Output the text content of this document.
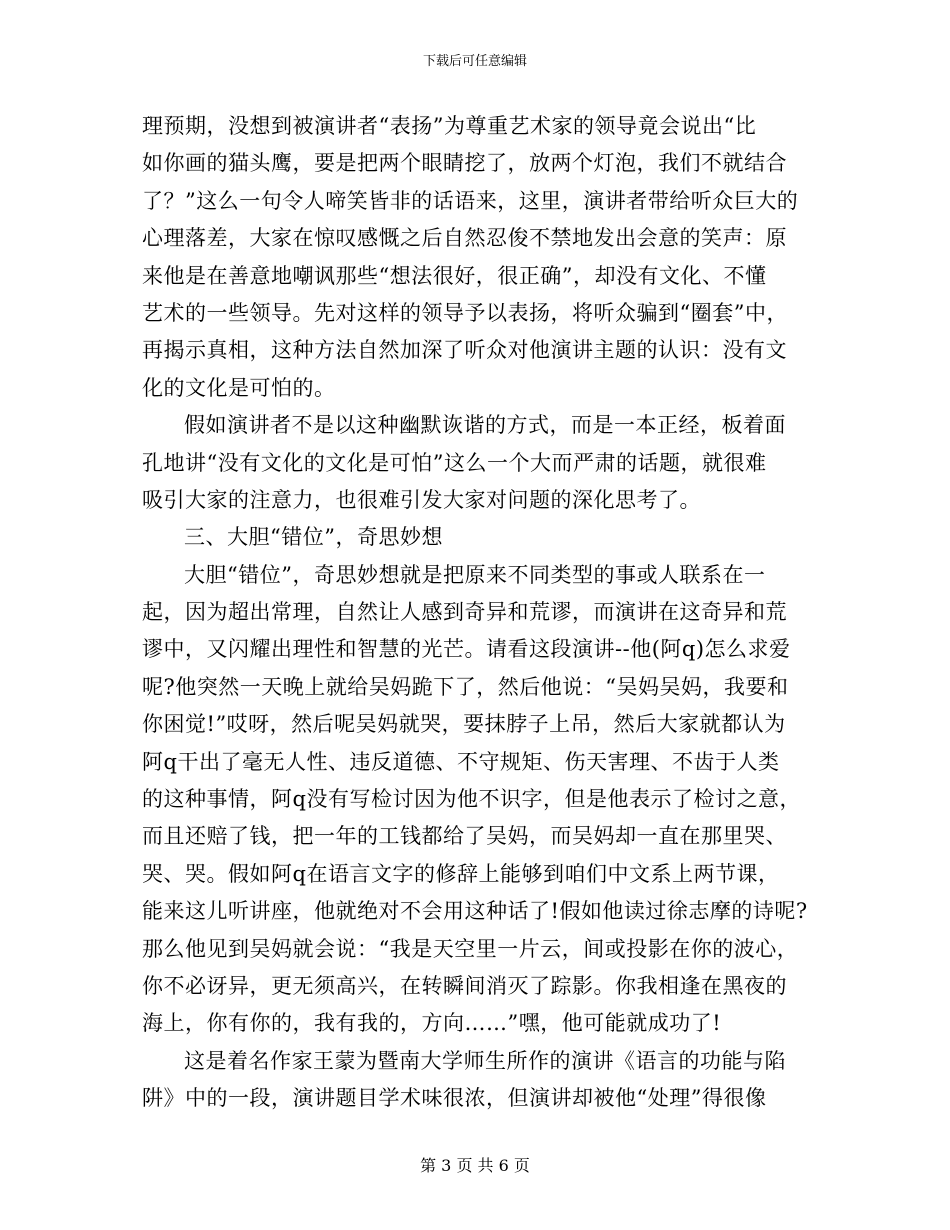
下载后可任意编辑
理预期，没想到被演讲者“表扬”为尊重艺术家的领导竟会说出“比
如你画的猫头鹰，要是把两个眼睛挖了，放两个灯泡，我们不就结合
了？”这么一句令人啼笑皆非的话语来，这里，演讲者带给听众巨大的
心理落差，大家在惊叹感慨之后自然忍俊不禁地发出会意的笑声：原
来他是在善意地嘲讽那些“想法很好，很正确”，却没有文化、不懂
艺术的一些领导。先对这样的领导予以表扬，将听众骗到“圈套”中，
再揭示真相，这种方法自然加深了听众对他演讲主题的认识：没有文
化的文化是可怕的。
假如演讲者不是以这种幽默诙谐的方式，而是一本正经，板着面
孔地讲“没有文化的文化是可怕”这么一个大而严肃的话题，就很难
吸引大家的注意力，也很难引发大家对问题的深化思考了。
三、大胆“错位”，奇思妙想
大胆“错位”，奇思妙想就是把原来不同类型的事或人联系在一
起，因为超出常理，自然让人感到奇异和荒谬，而演讲在这奇异和荒
谬中，又闪耀出理性和智慧的光芒。请看这段演讲--他(阿q)怎么求爱
呢?他突然一天晚上就给吴妈跪下了，然后他说：“吴妈吴妈，我要和
你困觉!”哎呀，然后呢吴妈就哭，要抹脖子上吊，然后大家就都认为
阿q干出了毫无人性、违反道德、不守规矩、伤天害理、不齿于人类
的这种事情，阿q没有写检讨因为他不识字，但是他表示了检讨之意，
而且还赔了钱，把一年的工钱都给了吴妈，而吴妈却一直在那里哭、
哭、哭。假如阿q在语言文字的修辞上能够到咱们中文系上两节课，
能来这儿听讲座，他就绝对不会用这种话了!假如他读过徐志摩的诗呢?
那么他见到吴妈就会说：“我是天空里一片云，间或投影在你的波心，
你不必讶异，更无须高兴，在转瞬间消灭了踪影。你我相逢在黑夜的
海上，你有你的，我有我的，方向……”嘿，他可能就成功了!
这是着名作家王蒙为暨南大学师生所作的演讲《语言的功能与陷
阱》中的一段，演讲题目学术味很浓，但演讲却被他“处理”得很像
第 3 页 共 6 页
